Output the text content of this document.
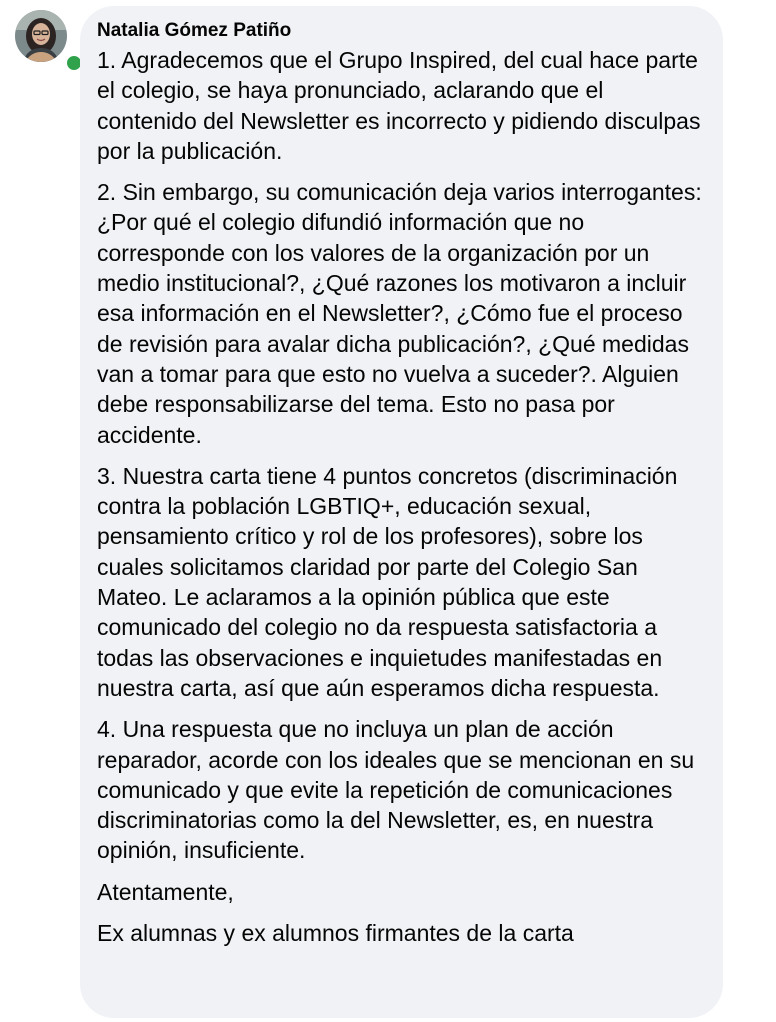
Natalia Gómez Patiño

1. Agradecemos que el Grupo Inspired, del cual hace parte el colegio, se haya pronunciado, aclarando que el contenido del Newsletter es incorrecto y pidiendo disculpas por la publicación.

2. Sin embargo, su comunicación deja varios interrogantes: ¿Por qué el colegio difundió información que no corresponde con los valores de la organización por un medio institucional?, ¿Qué razones los motivaron a incluir esa información en el Newsletter?, ¿Cómo fue el proceso de revisión para avalar dicha publicación?, ¿Qué medidas van a tomar para que esto no vuelva a suceder?. Alguien debe responsabilizarse del tema. Esto no pasa por accidente.

3. Nuestra carta tiene 4 puntos concretos (discriminación contra la población LGBTIQ+, educación sexual, pensamiento crítico y rol de los profesores), sobre los cuales solicitamos claridad por parte del Colegio San Mateo. Le aclaramos a la opinión pública que este comunicado del colegio no da respuesta satisfactoria a todas las observaciones e inquietudes manifestadas en nuestra carta, así que aún esperamos dicha respuesta.

4. Una respuesta que no incluya un plan de acción reparador, acorde con los ideales que se mencionan en su comunicado y que evite la repetición de comunicaciones discriminatorias como la del Newsletter, es, en nuestra opinión, insuficiente.

Atentamente,

Ex alumnas y ex alumnos firmantes de la carta
